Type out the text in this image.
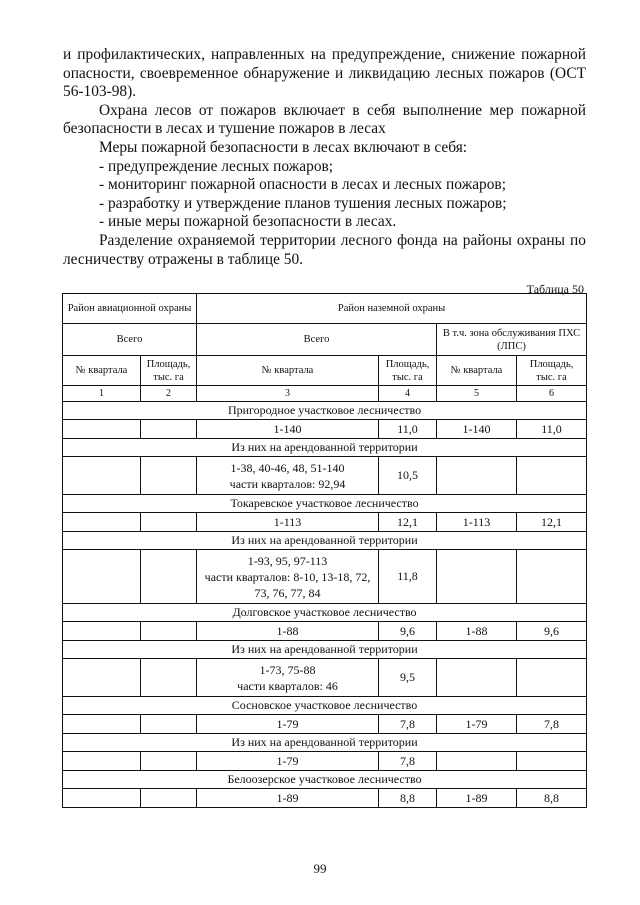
и профилактических, направленных на предупреждение, снижение пожарной опасности, своевременное обнаружение и ликвидацию лесных пожаров (ОСТ 56-103-98).

Охрана лесов от пожаров включает в себя выполнение мер пожарной безопасности в лесах и тушение пожаров в лесах

Меры пожарной безопасности в лесах включают в себя:

- предупреждение лесных пожаров;

- мониторинг пожарной опасности в лесах и лесных пожаров;

- разработку и утверждение планов тушения лесных пожаров;

- иные меры пожарной безопасности в лесах.

Разделение охраняемой территории лесного фонда на районы охраны по лесничеству отражены в таблице 50.

Таблица 50
Район авиационной охраны		Район наземной охраны			
Всего		Всего		В т.ч. зона обслуживания ПХС (ЛПС)	
№ квартала	Площадь, тыс. га	№ квартала	Площадь, тыс. га	№ квартала	Площадь, тыс. га
1	2	3	4	5	6
Пригородное участковое лесничество					
		1-140	11,0	1-140	11,0
Из них на арендованной территории					

		1-38, 40-46, 48, 51-140
части кварталов: 92,94	10,5		
Токаревское участковое лесничество					
		1-113	12,1	1-113	12,1
Из них на арендованной территории					

		1-93, 95, 97-113
части кварталов: 8-10, 13-18, 72,
73, 76, 77, 84	11,8		
Долговское участковое лесничество					
		1-88	9,6	1-88	9,6
Из них на арендованной территории					

		1-73, 75-88
части кварталов: 46	9,5		
Сосновское участковое лесничество					
		1-79	7,8	1-79	7,8
Из них на арендованной территории					
		1-79	7,8		
Белоозерское участковое лесничество					
		1-89	8,8	1-89	8,8
99
